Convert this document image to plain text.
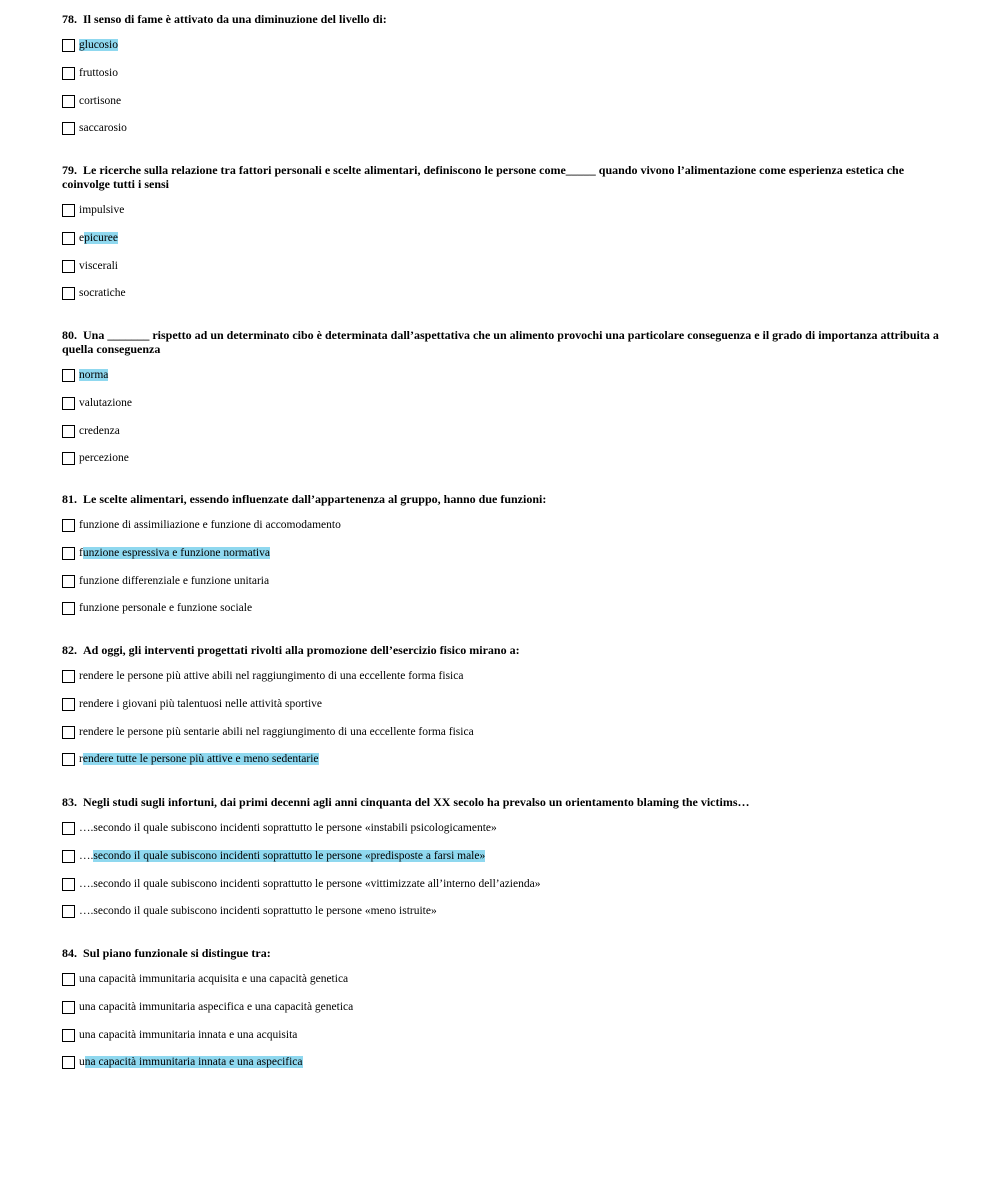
78. Il senso di fame è attivato da una diminuzione del livello di:

glucosio
fruttosio
cortisone
saccarosio

79. Le ricerche sulla relazione tra fattori personali e scelte alimentari, definiscono le persone come_____ quando vivono l’alimentazione come esperienza estetica che coinvolge tutti i sensi

impulsive
epicuree
viscerali
socratiche

80. Una _______ rispetto ad un determinato cibo è determinata dall’aspettativa che un alimento provochi una particolare conseguenza e il grado di importanza attribuita a quella conseguenza

norma
valutazione
credenza
percezione

81. Le scelte alimentari, essendo influenzate dall’appartenenza al gruppo, hanno due funzioni:

funzione di assimiliazione e funzione di accomodamento
funzione espressiva e funzione normativa
funzione differenziale e funzione unitaria
funzione personale e funzione sociale

82. Ad oggi, gli interventi progettati rivolti alla promozione dell’esercizio fisico mirano a:

rendere le persone più attive abili nel raggiungimento di una eccellente forma fisica
rendere i giovani più talentuosi nelle attività sportive
rendere le persone più sentarie abili nel raggiungimento di una eccellente forma fisica
rendere tutte le persone più attive e meno sedentarie

83. Negli studi sugli infortuni, dai primi decenni agli anni cinquanta del XX secolo ha prevalso un orientamento blaming the victims…

….secondo il quale subiscono incidenti soprattutto le persone «instabili psicologicamente»
….secondo il quale subiscono incidenti soprattutto le persone «predisposte a farsi male»
….secondo il quale subiscono incidenti soprattutto le persone «vittimizzate all’interno dell’azienda»
….secondo il quale subiscono incidenti soprattutto le persone «meno istruite»

84. Sul piano funzionale si distingue tra:

una capacità immunitaria acquisita e una capacità genetica
una capacità immunitaria aspecifica e una capacità genetica
una capacità immunitaria innata e una acquisita
una capacità immunitaria innata e una aspecifica
